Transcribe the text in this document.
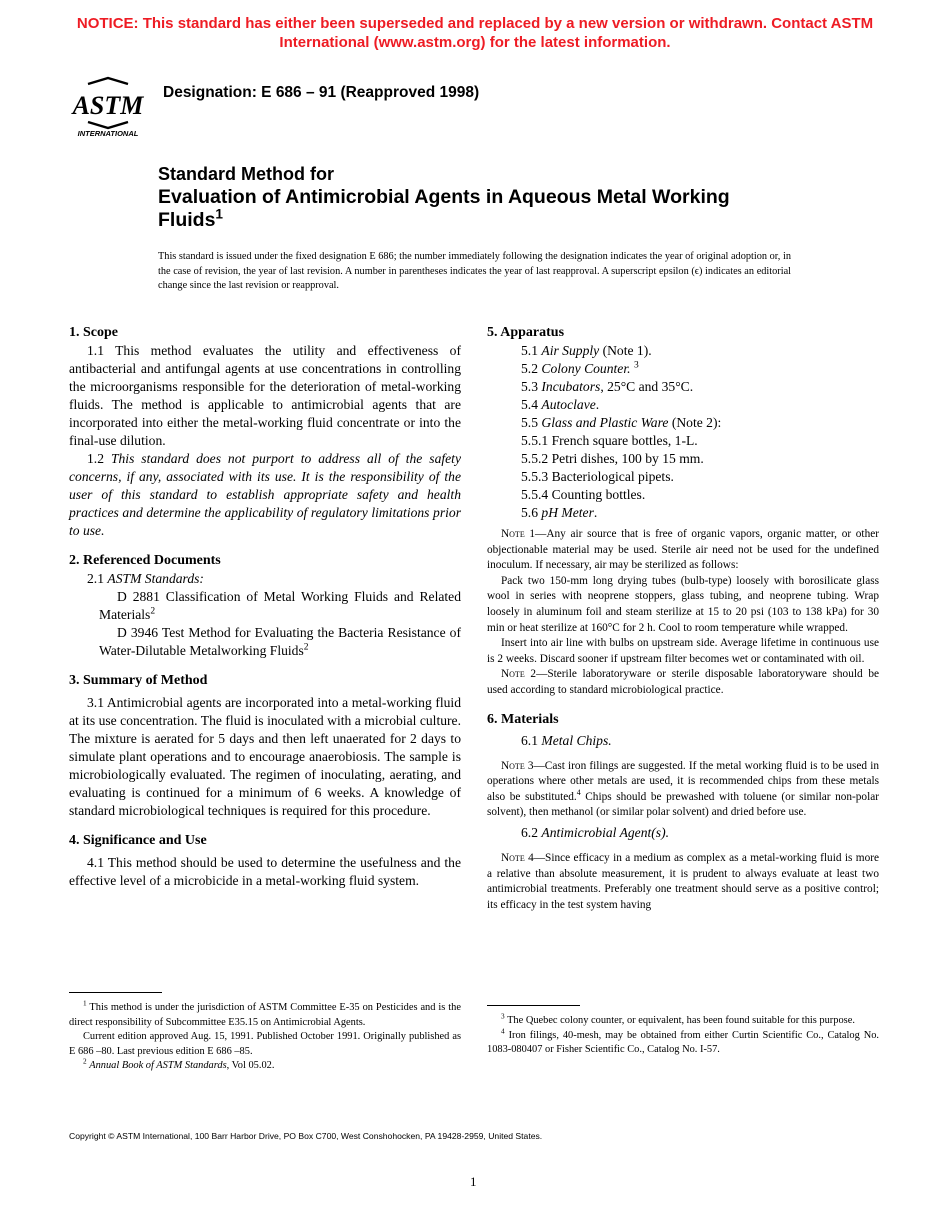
NOTICE: This standard has either been superseded and replaced by a new version or withdrawn. Contact ASTM International (www.astm.org) for the latest information.
ASTM
INTERNATIONAL
Designation: E 686 – 91 (Reapproved 1998)
Standard Method for
Evaluation of Antimicrobial Agents in Aqueous Metal Working Fluids$^1$
This standard is issued under the fixed designation E 686; the number immediately following the designation indicates the year of original adoption or, in the case of revision, the year of last revision. A number in parentheses indicates the year of last reapproval. A superscript epsilon (ϵ) indicates an editorial change since the last revision or reapproval.
1. Scope

1.1 This method evaluates the utility and effectiveness of antibacterial and antifungal agents at use concentrations in controlling the microorganisms responsible for the deterioration of metal-working fluids. The method is applicable to antimicrobial agents that are incorporated into either the metal-working fluid concentrate or into the final-use dilution.

1.2 This standard does not purport to address all of the safety concerns, if any, associated with its use. It is the responsibility of the user of this standard to establish appropriate safety and health practices and determine the applicability of regulatory limitations prior to use.

2. Referenced Documents

2.1 ASTM Standards:

D 2881 Classification of Metal Working Fluids and Related Materials$^2$

D 3946 Test Method for Evaluating the Bacteria Resistance of Water-Dilutable Metalworking Fluids$^2$

3. Summary of Method

3.1 Antimicrobial agents are incorporated into a metal-working fluid at its use concentration. The fluid is inoculated with a microbial culture. The mixture is aerated for 5 days and then left unaerated for 2 days to simulate plant operations and to encourage anaerobiosis. The sample is microbiologically evaluated. The regimen of inoculating, aerating, and evaluating is continued for a minimum of 6 weeks. A knowledge of standard microbiological techniques is required for this procedure.

4. Significance and Use

4.1 This method should be used to determine the usefulness and the effective level of a microbicide in a metal-working fluid system.

$^1$ This method is under the jurisdiction of ASTM Committee E-35 on Pesticides and is the direct responsibility of Subcommittee E35.15 on Antimicrobial Agents.

Current edition approved Aug. 15, 1991. Published October 1991. Originally published as E 686 –80. Last previous edition E 686 –85.

$^2$ Annual Book of ASTM Standards, Vol 05.02.

5. Apparatus

5.1 Air Supply (Note 1).

5.2 Colony Counter. $^3$

5.3 Incubators, 25°C and 35°C.

5.4 Autoclave.

5.5 Glass and Plastic Ware (Note 2):

5.5.1 French square bottles, 1-L.

5.5.2 Petri dishes, 100 by 15 mm.

5.5.3 Bacteriological pipets.

5.5.4 Counting bottles.

5.6 pH Meter.

Note 1—Any air source that is free of organic vapors, organic matter, or other objectionable material may be used. Sterile air need not be used for the undefined inoculum. If necessary, air may be sterilized as follows:

Pack two 150-mm long drying tubes (bulb-type) loosely with borosilicate glass wool in series with neoprene stoppers, glass tubing, and neoprene tubing. Wrap loosely in aluminum foil and steam sterilize at 15 to 20 psi (103 to 138 kPa) for 30 min or heat sterilize at 160°C for 2 h. Cool to room temperature while wrapped.

Insert into air line with bulbs on upstream side. Average lifetime in continuous use is 2 weeks. Discard sooner if upstream filter becomes wet or contaminated with oil.

Note 2—Sterile laboratoryware or sterile disposable laboratoryware should be used according to standard microbiological practice.

6. Materials

6.1 Metal Chips.

Note 3—Cast iron filings are suggested. If the metal working fluid is to be used in operations where other metals are used, it is recommended chips from these metals also be substituted.$^4$ Chips should be prewashed with toluene (or similar non-polar solvent), then methanol (or similar polar solvent) and dried before use.

6.2 Antimicrobial Agent(s).

Note 4—Since efficacy in a medium as complex as a metal-working fluid is more a relative than absolute measurement, it is prudent to always evaluate at least two antimicrobial treatments. Preferably one treatment should serve as a positive control; its efficacy in the test system having

$^3$ The Quebec colony counter, or equivalent, has been found suitable for this purpose.

$^4$ Iron filings, 40-mesh, may be obtained from either Curtin Scientific Co., Catalog No. 1083-080407 or Fisher Scientific Co., Catalog No. I-57.

Copyright © ASTM International, 100 Barr Harbor Drive, PO Box C700, West Conshohocken, PA 19428-2959, United States.
1
